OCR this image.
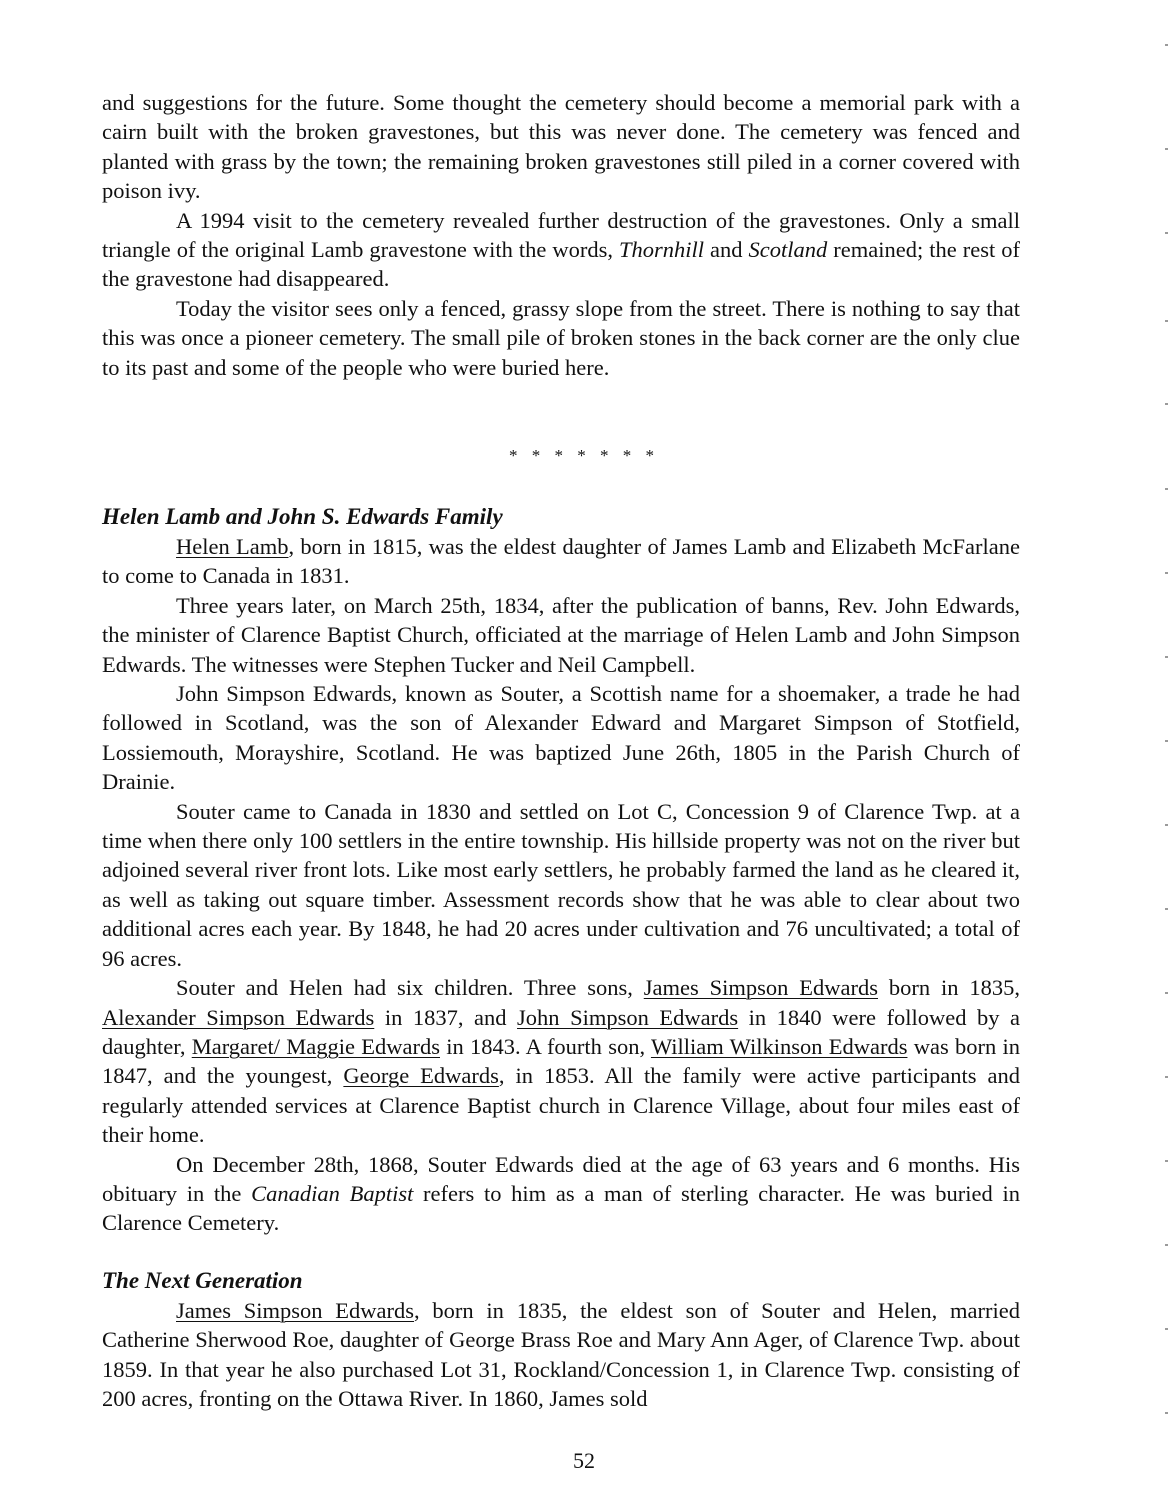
and suggestions for the future. Some thought the cemetery should become a memorial park with a cairn built with the broken gravestones, but this was never done. The cemetery was fenced and planted with grass by the town; the remaining broken gravestones still piled in a corner covered with poison ivy.

A 1994 visit to the cemetery revealed further destruction of the gravestones. Only a small triangle of the original Lamb gravestone with the words, Thornhill and Scotland remained; the rest of the gravestone had disappeared.

Today the visitor sees only a fenced, grassy slope from the street. There is nothing to say that this was once a pioneer cemetery. The small pile of broken stones in the back corner are the only clue to its past and some of the people who were buried here.

* * * * * * *
Helen Lamb and John S. Edwards Family

Helen Lamb, born in 1815, was the eldest daughter of James Lamb and Elizabeth McFarlane to come to Canada in 1831.

Three years later, on March 25th, 1834, after the publication of banns, Rev. John Edwards, the minister of Clarence Baptist Church, officiated at the marriage of Helen Lamb and John Simpson Edwards. The witnesses were Stephen Tucker and Neil Campbell.

John Simpson Edwards, known as Souter, a Scottish name for a shoemaker, a trade he had followed in Scotland, was the son of Alexander Edward and Margaret Simpson of Stotfield, Lossiemouth, Morayshire, Scotland. He was baptized June 26th, 1805 in the Parish Church of Drainie.

Souter came to Canada in 1830 and settled on Lot C, Concession 9 of Clarence Twp. at a time when there only 100 settlers in the entire township. His hillside property was not on the river but adjoined several river front lots. Like most early settlers, he probably farmed the land as he cleared it, as well as taking out square timber. Assessment records show that he was able to clear about two additional acres each year. By 1848, he had 20 acres under cultivation and 76 uncultivated; a total of 96 acres.

Souter and Helen had six children. Three sons, James Simpson Edwards born in 1835, Alexander Simpson Edwards in 1837, and John Simpson Edwards in 1840 were followed by a daughter, Margaret/ Maggie Edwards in 1843. A fourth son, William Wilkinson Edwards was born in 1847, and the youngest, George Edwards, in 1853. All the family were active participants and regularly attended services at Clarence Baptist church in Clarence Village, about four miles east of their home.

On December 28th, 1868, Souter Edwards died at the age of 63 years and 6 months. His obituary in the Canadian Baptist refers to him as a man of sterling character. He was buried in Clarence Cemetery.

The Next Generation

James Simpson Edwards, born in 1835, the eldest son of Souter and Helen, married Catherine Sherwood Roe, daughter of George Brass Roe and Mary Ann Ager, of Clarence Twp. about 1859. In that year he also purchased Lot 31, Rockland/Concession 1, in Clarence Twp. consisting of 200 acres, fronting on the Ottawa River. In 1860, James sold

52
